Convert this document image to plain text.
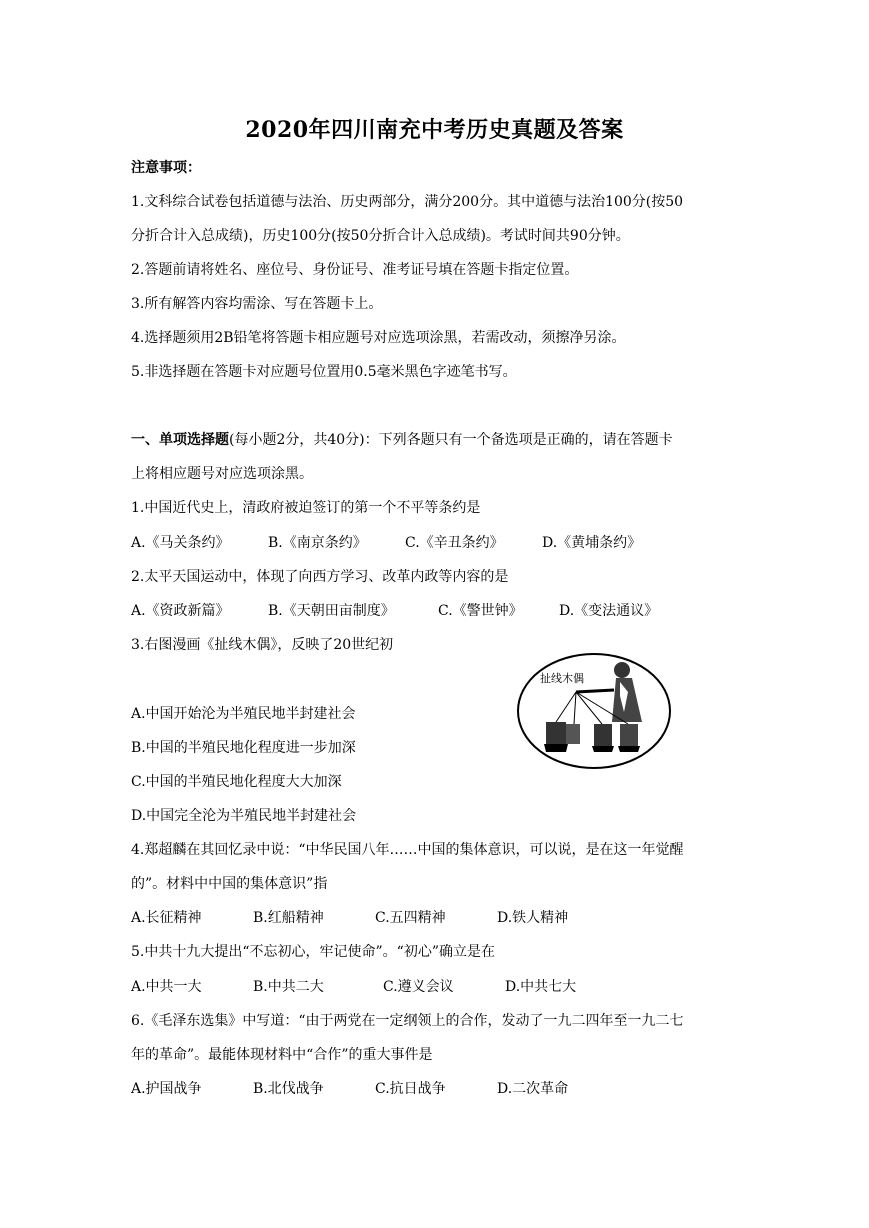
2020年四川南充中考历史真题及答案
注意事项：
1.文科综合试卷包括道德与法治、历史两部分，满分200分。其中道德与法治100分(按50
分折合计入总成绩)，历史100分(按50分折合计入总成绩)。考试时间共90分钟。
2.答题前请将姓名、座位号、身份证号、准考证号填在答题卡指定位置。
3.所有解答内容均需涂、写在答题卡上。
4.选择题须用2B铅笔将答题卡相应题号对应选项涂黑，若需改动，须擦净另涂。
5.非选择题在答题卡对应题号位置用0.5毫米黑色字迹笔书写。
一、单项选择题(每小题2分，共40分)：下列各题只有一个备选项是正确的，请在答题卡
上将相应题号对应选项涂黑。
1.中国近代史上，清政府被迫签订的第一个不平等条约是
A.《马关条约》	B.《南京条约》	C.《辛丑条约》	D.《黄埔条约》
2.太平天国运动中，体现了向西方学习、改革内政等内容的是
A.《资政新篇》	B.《天朝田亩制度》	C.《警世钟》	D.《变法通议》
3.右图漫画《扯线木偶》，反映了20世纪初
A.中国开始沦为半殖民地半封建社会
B.中国的半殖民地化程度进一步加深
C.中国的半殖民地化程度大大加深
D.中国完全沦为半殖民地半封建社会
扯线木偶
4.郑超麟在其回忆录中说：“中华民国八年……中国的集体意识，可以说，是在这一年觉醒
的”。材料中中国的集体意识”指
A.长征精神	B.红船精神	C.五四精神	D.铁人精神
5.中共十九大提出“不忘初心，牢记使命”。“初心”确立是在
A.中共一大	B.中共二大	C.遵义会议	D.中共七大
6.《毛泽东选集》中写道：“由于两党在一定纲领上的合作，发动了一九二四年至一九二七
年的革命”。最能体现材料中“合作”的重大事件是
A.护国战争	B.北伐战争	C.抗日战争	D.二次革命
